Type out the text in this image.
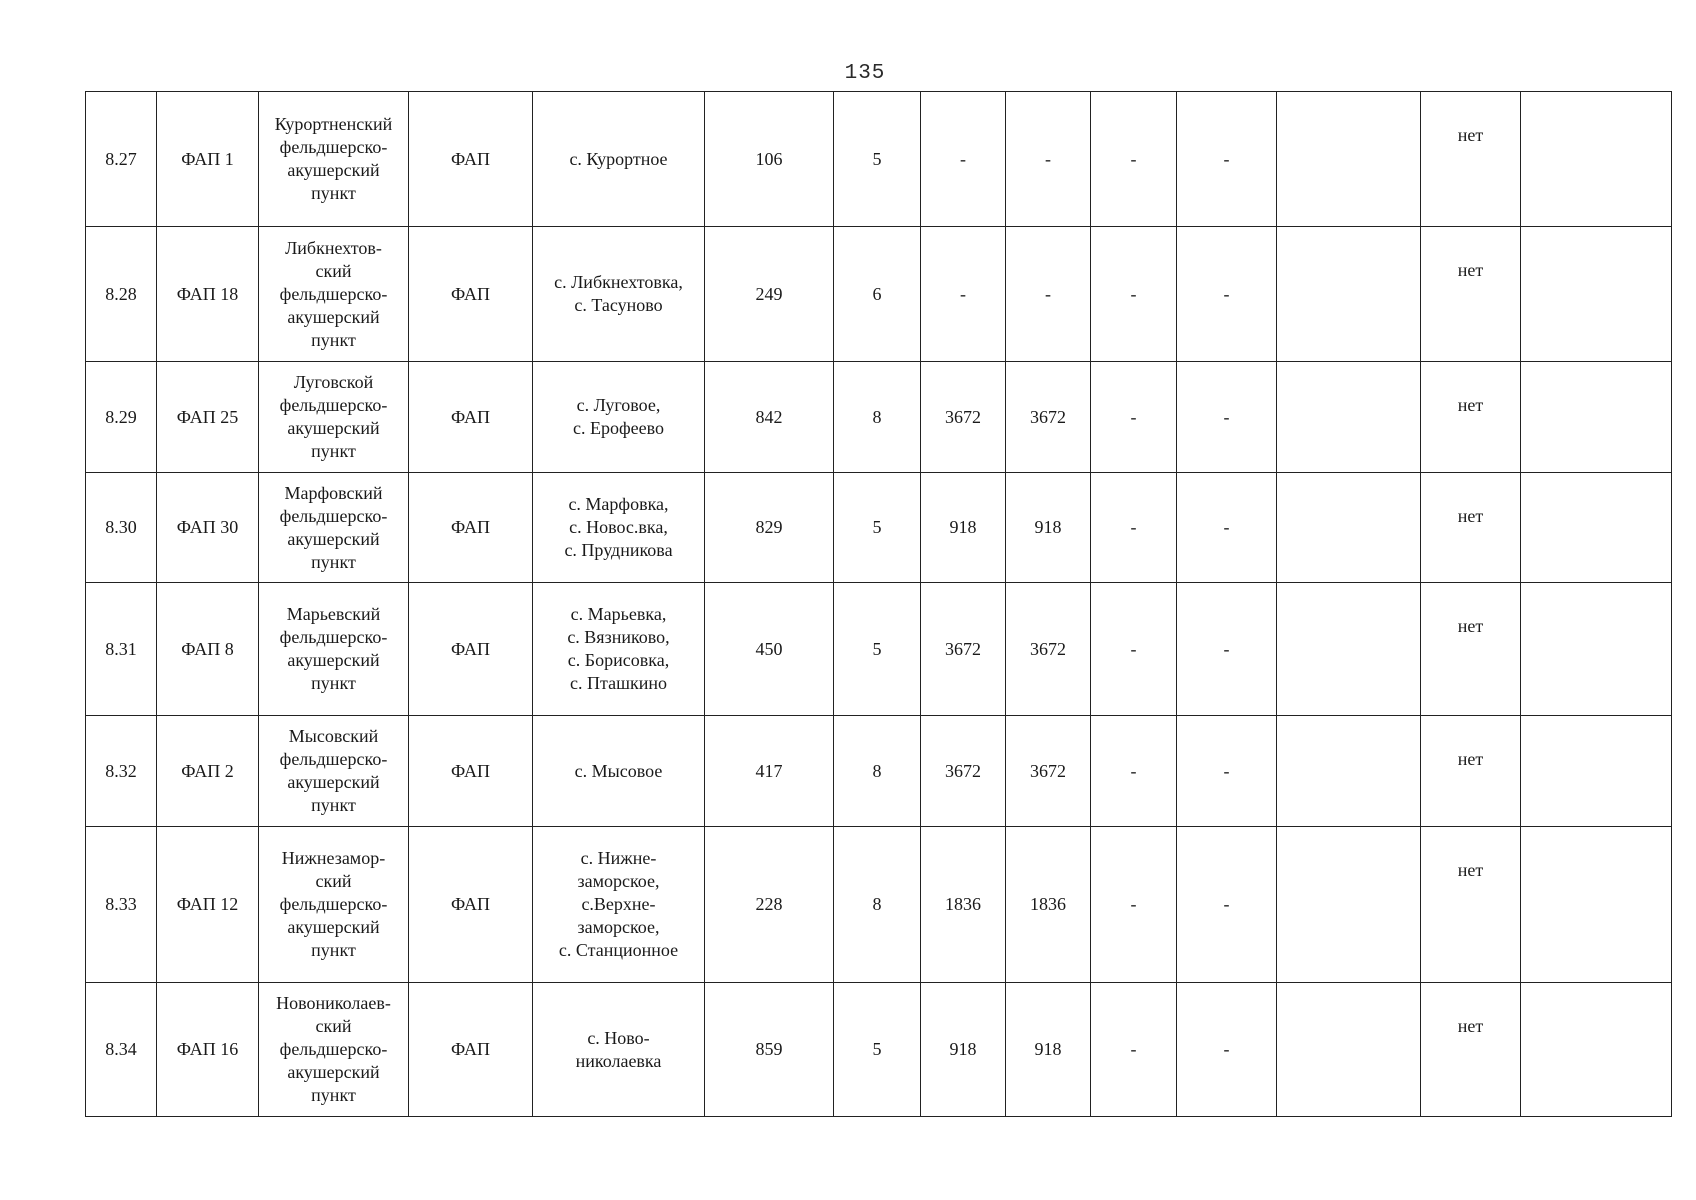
135
8.27	ФАП 1	Курортненский
фельдшерско-
акушерский
пункт	ФАП	с. Курортное	106	5	-	-	-	-		нет	
8.28	ФАП 18	Либкнехтов-
ский
фельдшерско-
акушерский
пункт	ФАП	с. Либкнехтовка,
с. Тасуново	249	6	-	-	-	-		нет	
8.29	ФАП 25	Луговской
фельдшерско-
акушерский
пункт	ФАП	с. Луговое,
с. Ерофеево	842	8	3672	3672	-	-		нет	
8.30	ФАП 30	Марфовский
фельдшерско-
акушерский
пункт	ФАП	с. Марфовка,
с. Новос.вка,
с. Прудникова	829	5	918	918	-	-		нет	
8.31	ФАП 8	Марьевский
фельдшерско-
акушерский
пункт	ФАП	с. Марьевка,
с. Вязниково,
с. Борисовка,
с. Пташкино	450	5	3672	3672	-	-		нет	
8.32	ФАП 2	Мысовский
фельдшерско-
акушерский
пункт	ФАП	с. Мысовое	417	8	3672	3672	-	-		нет	
8.33	ФАП 12	Нижнезамор-
ский
фельдшерско-
акушерский
пункт	ФАП	с. Нижне-
заморское,
с.Верхне-
заморское,
с. Станционное	228	8	1836	1836	-	-		нет	
8.34	ФАП 16	Новониколаев-
ский
фельдшерско-
акушерский
пункт	ФАП	с. Ново-
николаевка	859	5	918	918	-	-		нет	
